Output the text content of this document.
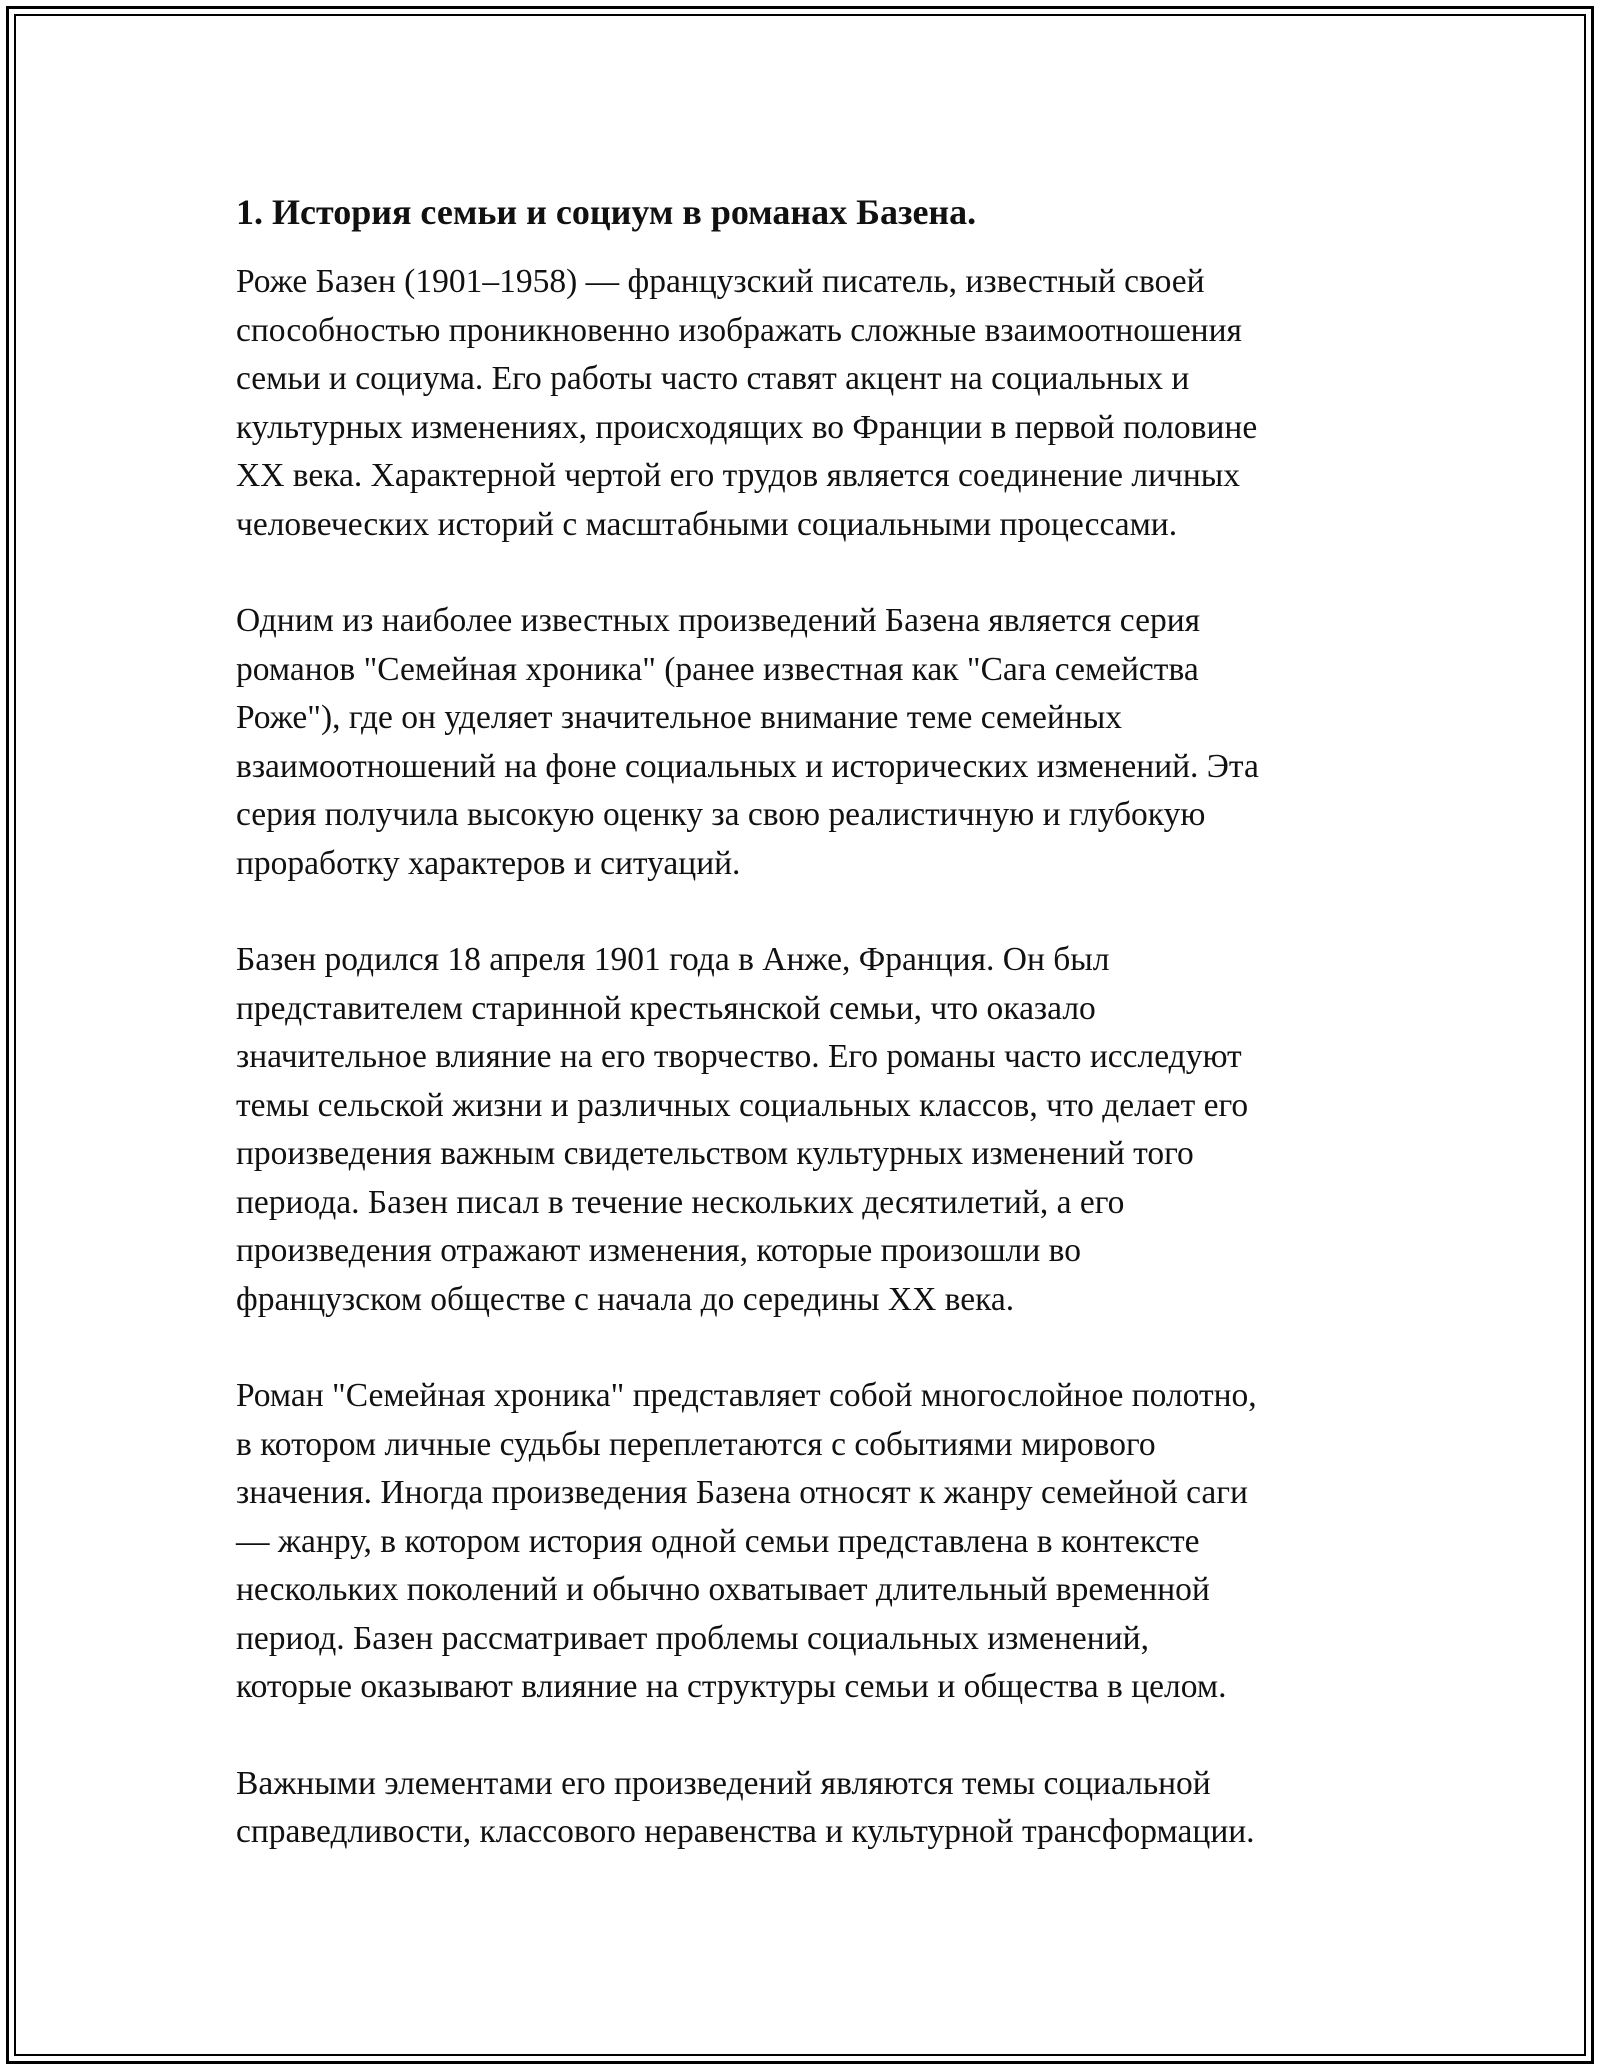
1. История семьи и социум в романах Базена.
Роже Базен (1901–1958) — французский писатель, известный своей
способностью проникновенно изображать сложные взаимоотношения
семьи и социума. Его работы часто ставят акцент на социальных и
культурных изменениях, происходящих во Франции в первой половине
XX века. Характерной чертой его трудов является соединение личных
человеческих историй с масштабными социальными процессами.
Одним из наиболее известных произведений Базена является серия
романов "Семейная хроника" (ранее известная как "Сага семейства
Роже"), где он уделяет значительное внимание теме семейных
взаимоотношений на фоне социальных и исторических изменений. Эта
серия получила высокую оценку за свою реалистичную и глубокую
проработку характеров и ситуаций.
Базен родился 18 апреля 1901 года в Анже, Франция. Он был
представителем старинной крестьянской семьи, что оказало
значительное влияние на его творчество. Его романы часто исследуют
темы сельской жизни и различных социальных классов, что делает его
произведения важным свидетельством культурных изменений того
периода. Базен писал в течение нескольких десятилетий, а его
произведения отражают изменения, которые произошли во
французском обществе с начала до середины XX века.
Роман "Семейная хроника" представляет собой многослойное полотно,
в котором личные судьбы переплетаются с событиями мирового
значения. Иногда произведения Базена относят к жанру семейной саги
— жанру, в котором история одной семьи представлена в контексте
нескольких поколений и обычно охватывает длительный временной
период. Базен рассматривает проблемы социальных изменений,
которые оказывают влияние на структуры семьи и общества в целом.
Важными элементами его произведений являются темы социальной
справедливости, классового неравенства и культурной трансформации.
